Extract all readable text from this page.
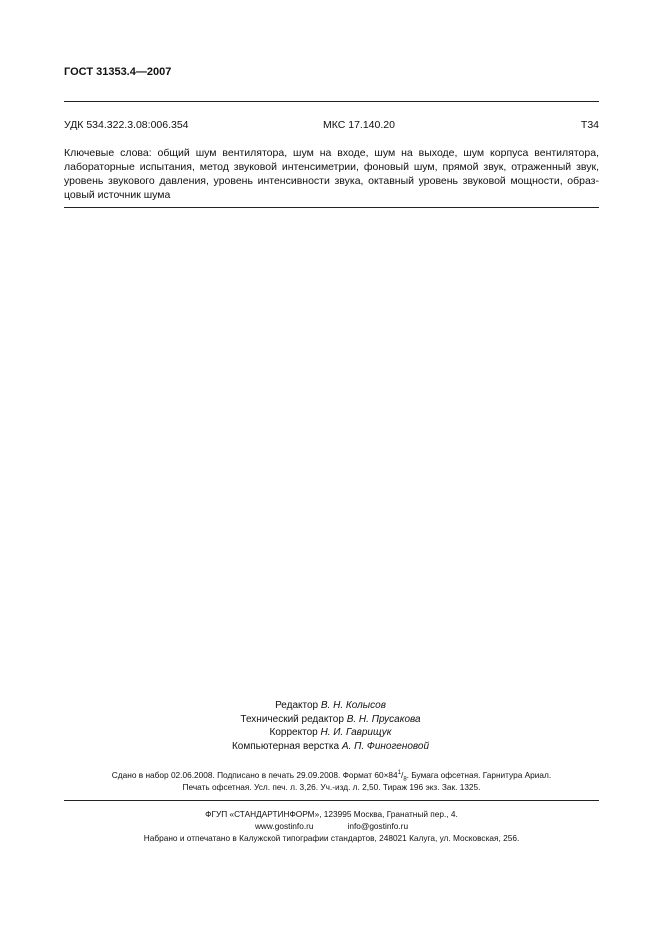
ГОСТ 31353.4—2007
УДК 534.322.3.08:006.354	МКС 17.140.20	Т34
Ключевые слова: общий шум вентилятора, шум на входе, шум на выходе, шум корпуса вентилятора,
лабораторные испытания, метод звуковой интенсиметрии, фоновый шум, прямой звук, отраженный звук,
уровень звукового давления, уровень интенсивности звука, октавный уровень звуковой мощности, образ-
цовый источник шума
Редактор В. Н. Колысов
Технический редактор В. Н. Прусакова
Корректор Н. И. Гаврищук
Компьютерная верстка А. П. Финогеновой
Сдано в набор 02.06.2008. Подписано в печать 29.09.2008. Формат $60\times 84^1/_8$. Бумага офсетная. Гарнитура Ариал.
Печать офсетная. Усл. печ. л. 3,26. Уч.-изд. л. 2,50. Тираж 196 экз. Зак. 1325.
ФГУП «СТАНДАРТИНФОРМ», 123995 Москва, Гранатный пер., 4.
www.gostinfo.ru	info@gostinfo.ru
Набрано и отпечатано в Калужской типографии стандартов, 248021 Калуга, ул. Московская, 256.
